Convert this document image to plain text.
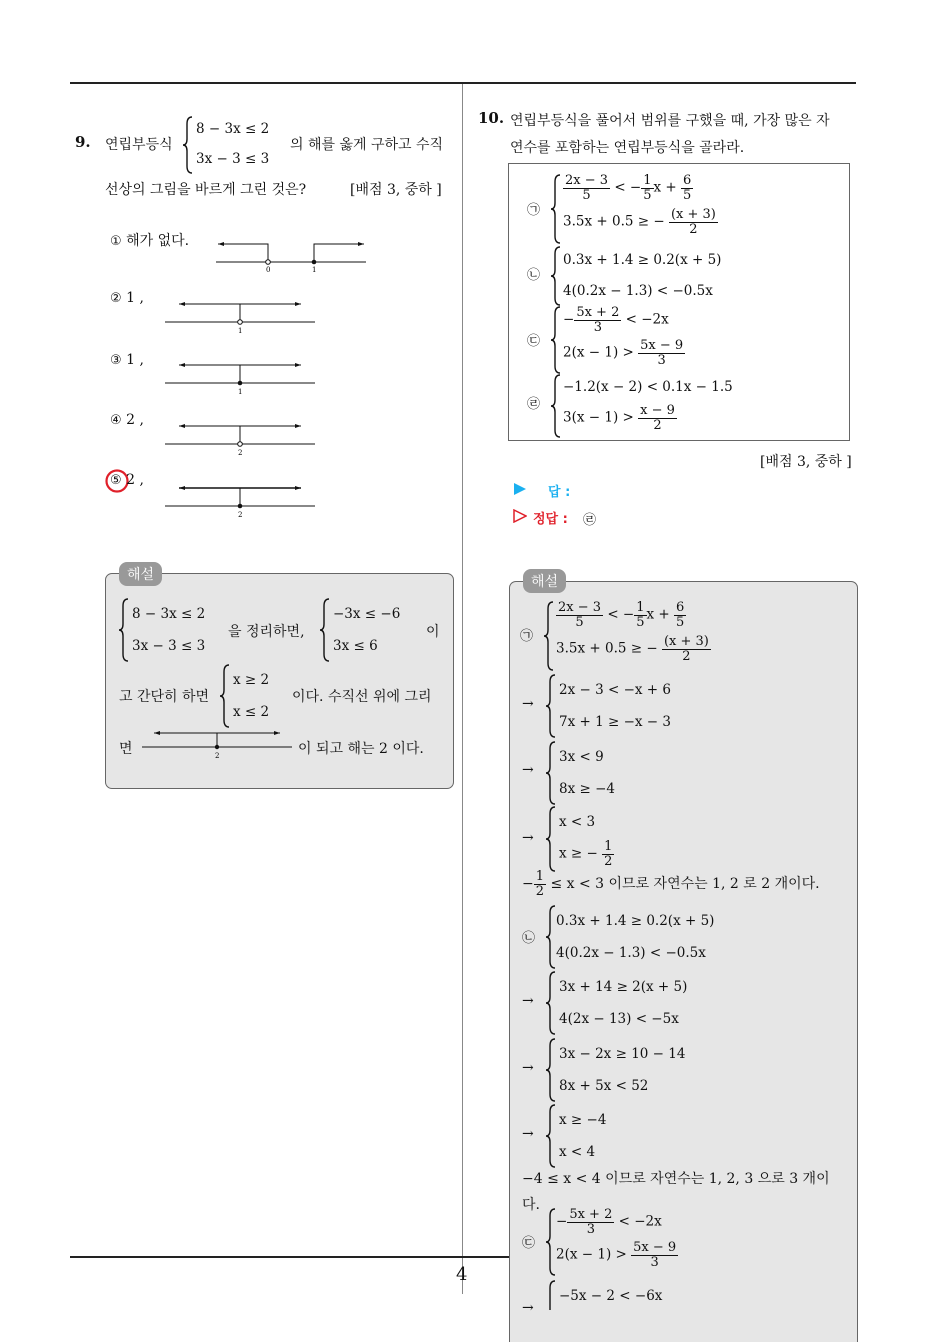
4
9. 연립부등식
8 − 3x ≤ 2
3x − 3 ≤ 3
의 해를 옳게 구하고 수직
선상의 그림을 바르게 그린 것은?	[배점 3, 중하 ]
① 해가 없다.
0	1
② 1 ,
1
③ 1 ,
1
④ 2 ,
2
⑤ 2 ,
2
해설
8 − 3x ≤ 2
3x − 3 ≤ 3
을 정리하면,
−3x ≤ −6
3x ≤ 6
이
고 간단히 하면
x ≥ 2
x ≤ 2
이다. 수직선 위에 그리
면	2	이 되고 해는 2 이다.
10. 연립부등식을 풀어서 범위를 구했을 때, 가장 많은 자
연수를 포함하는 연립부등식을 골라라.
㉠
$\frac{2x - 3}{5}$ < − $\frac{1}{5}$ $x + \frac{6}{5}$
3.5x + 0.5 ≥ − $\frac{(x + 3)}{2}$
㉡
0.3x + 1.4 ≥ 0.2(x + 5)
4(0.2x − 1.3) < −0.5x
㉢
− $\frac{5x + 2}{3} < -2x$
$2(x - 1) > \frac{5x - 9}{3}$
㉣
−1.2(x − 2) < 0.1x − 1.5
$3(x - 1) > \frac{x - 9}{2}$
[배점 3, 중하 ]
답 :
정답 : ㉣
해설
㉠
$\frac{2x - 3}{5}$ < − $\frac{1}{5}$ $x + \frac{6}{5}$
3.5x + 0.5 ≥ − $\frac{(x + 3)}{2}$
→
2x − 3 < −x + 6
7x + 1 ≥ −x − 3
→
3x < 9
8x ≥ −4
→
x < 3
x ≥ − $\frac{1}{2}$
− $\frac{1}{2} \le x < 3$ 이므로 자연수는 1, 2 로 2 개이다.
㉡
0.3x + 1.4 ≥ 0.2(x + 5)
4(0.2x − 1.3) < −0.5x
→
3x + 14 ≥ 2(x + 5)
4(2x − 13) < −5x
→
3x − 2x ≥ 10 − 14
8x + 5x < 52
→
x ≥ −4
x < 4
−4 ≤ x < 4 이므로 자연수는 1, 2, 3 으로 3 개이
다.
㉢
− $\frac{5x + 2}{3} < -2x$
$2(x - 1) > \frac{5x - 9}{3}$
→
−5x − 2 < −6x
